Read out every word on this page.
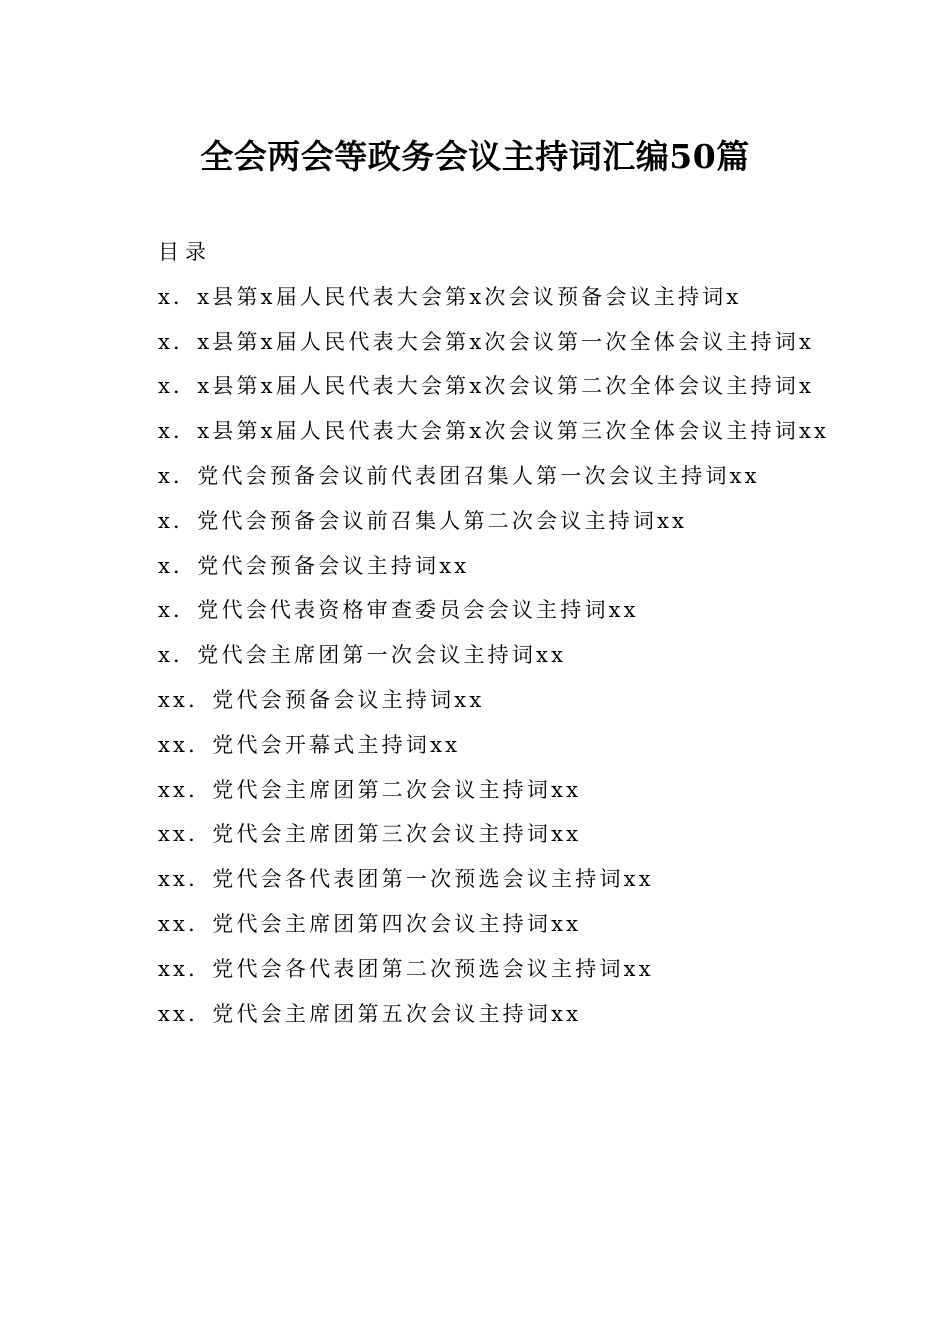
全会两会等政务会议主持词汇编50篇

目录

x．x县第x届人民代表大会第x次会议预备会议主持词x

x．x县第x届人民代表大会第x次会议第一次全体会议主持词x

x．x县第x届人民代表大会第x次会议第二次全体会议主持词x

x．x县第x届人民代表大会第x次会议第三次全体会议主持词xx

x．党代会预备会议前代表团召集人第一次会议主持词xx

x．党代会预备会议前召集人第二次会议主持词xx

x．党代会预备会议主持词xx

x．党代会代表资格审查委员会会议主持词xx

x．党代会主席团第一次会议主持词xx

xx．党代会预备会议主持词xx

xx．党代会开幕式主持词xx

xx．党代会主席团第二次会议主持词xx

xx．党代会主席团第三次会议主持词xx

xx．党代会各代表团第一次预选会议主持词xx

xx．党代会主席团第四次会议主持词xx

xx．党代会各代表团第二次预选会议主持词xx

xx．党代会主席团第五次会议主持词xx
